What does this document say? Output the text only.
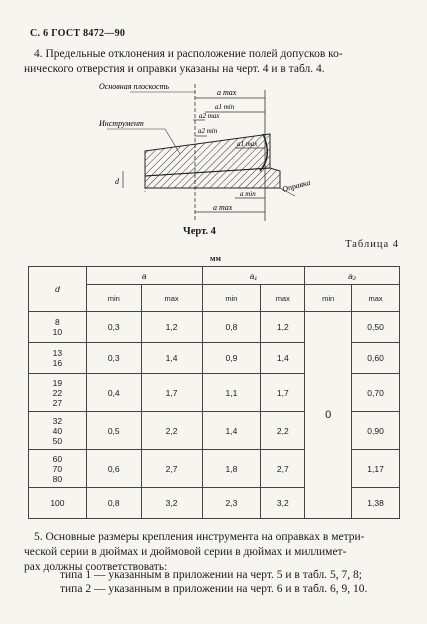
С. 6 ГОСТ 8472—90
4. Предельные отклонения и расположение полей допусков ко-
нического отверстия и оправки указаны на черт. 4 и в табл. 4.
Основная плоскость
Инструмент
Оправка
a max
a1 min
a2 max
a2 min
a1 max
a min
a max
d
Черт. 4
Таблица 4
мм
d	a		a₁		a₂	
	min	max	min	max	min	max

8
10	0,3	1,2	0,8	1,2	0	0,50

13
16	0,3	1,4	0,9	1,4		0,60

19
22
27	0,4	1,7	1,1	1,7		0,70

32
40
50	0,5	2,2	1,4	2,2		0,90

60
70
80	0,6	2,7	1,8	2,7		1,17

100	0,8	3,2	2,3	3,2		1,38
5. Основные размеры крепления инструмента на оправках в метри-
ческой серии в дюймах и дюймовой серии в дюймах и миллимет-
рах должны соответствовать:
типа 1 — указанным в приложении на черт. 5 и в табл. 5, 7, 8;
типа 2 — указанным в приложении на черт. 6 и в табл. 6, 9, 10.
